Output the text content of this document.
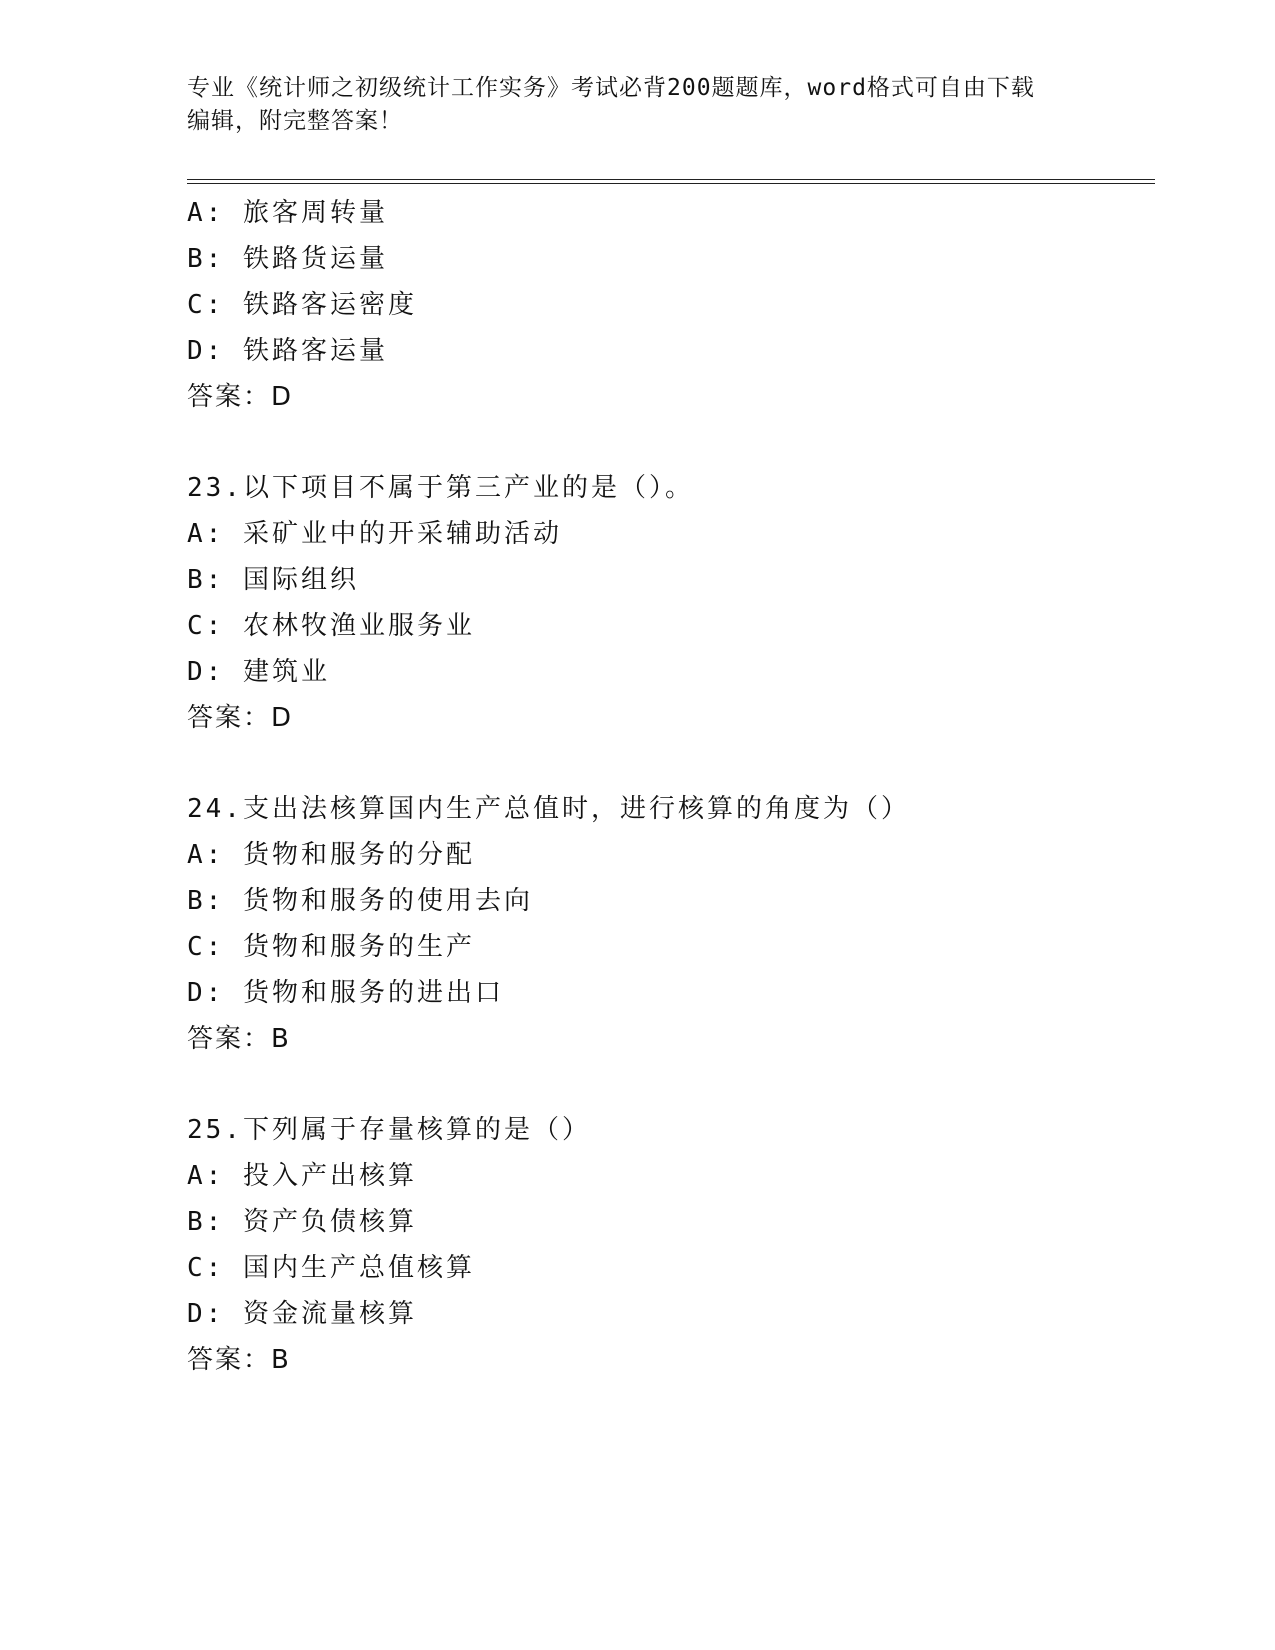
专业《统计师之初级统计工作实务》考试必背200题题库，word格式可自由下载
编辑，附完整答案！
A: 旅客周转量
B: 铁路货运量
C: 铁路客运密度
D: 铁路客运量
答案：D
23.以下项目不属于第三产业的是（）。
A: 采矿业中的开采辅助活动
B: 国际组织
C: 农林牧渔业服务业
D: 建筑业
答案：D
24.支出法核算国内生产总值时，进行核算的角度为（）
A: 货物和服务的分配
B: 货物和服务的使用去向
C: 货物和服务的生产
D: 货物和服务的进出口
答案：B
25.下列属于存量核算的是（）
A: 投入产出核算
B: 资产负债核算
C: 国内生产总值核算
D: 资金流量核算
答案：B
